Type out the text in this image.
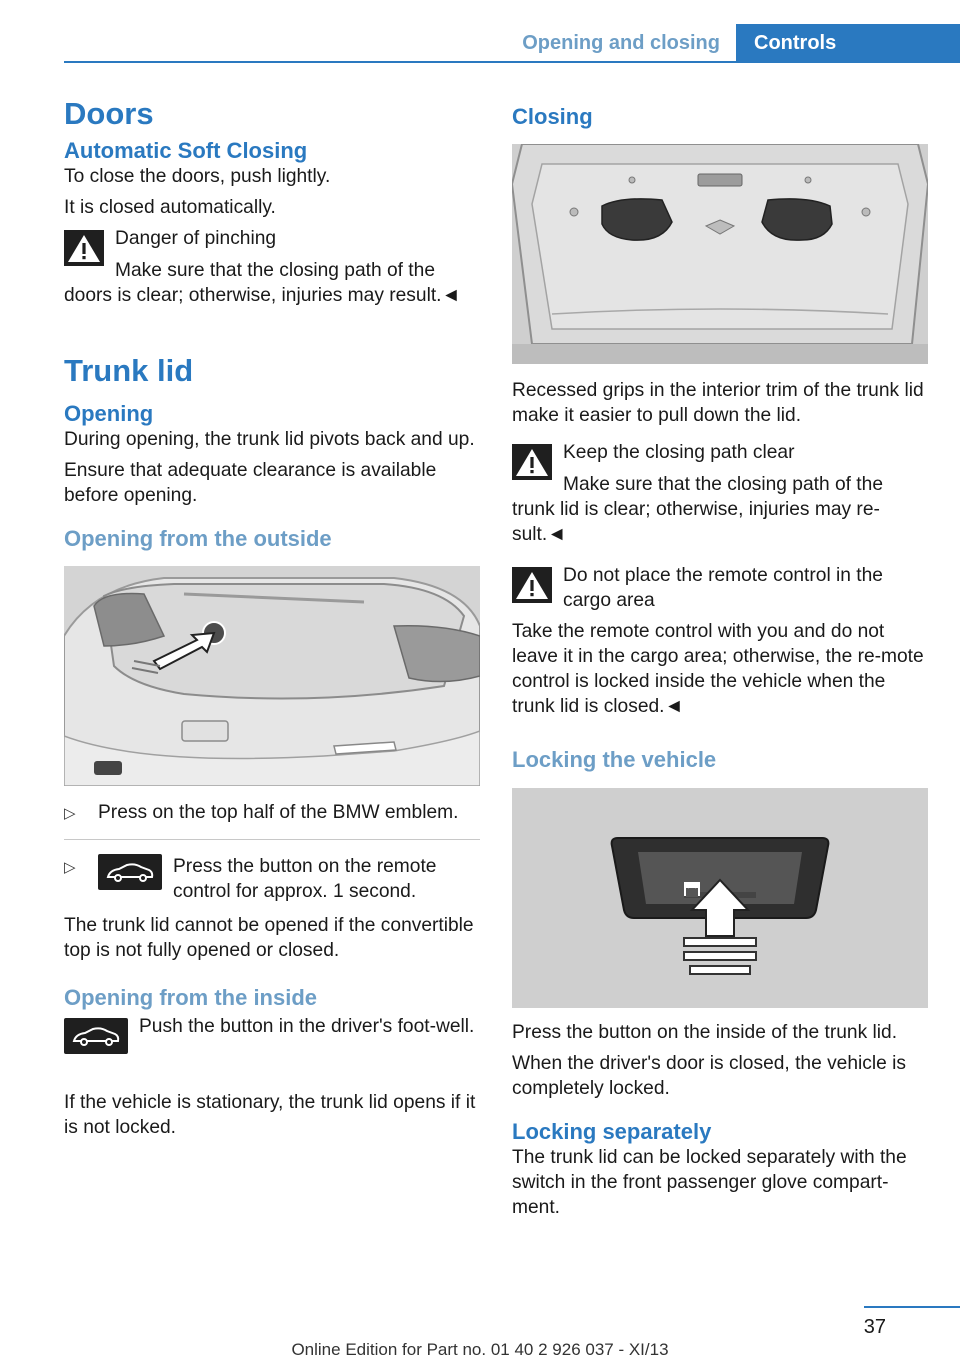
Opening and closing	Controls
Doors
Automatic Soft Closing

To close the doors, push lightly.

It is closed automatically.

Danger of pinching

Make sure that the closing path of the doors is clear; otherwise, injuries may result.◄

Trunk lid
Opening

During opening, the trunk lid pivots back and up.

Ensure that adequate clearance is available before opening.

Opening from the outside
▷ Press on the top half of the BMW emblem.

▷	Press the button on the remote control for approx. 1 second.

The trunk lid cannot be opened if the convertible top is not fully opened or closed.

Opening from the inside

Push the button in the driver's foot‐well.

If the vehicle is stationary, the trunk lid opens if it is not locked.

Closing

Recessed grips in the interior trim of the trunk lid make it easier to pull down the lid.

Keep the closing path clear

Make sure that the closing path of the trunk lid is clear; otherwise, injuries may re‐sult.◄

Do not place the remote control in the cargo area

Take the remote control with you and do not leave it in the cargo area; otherwise, the re‐mote control is locked inside the vehicle when the trunk lid is closed.◄

Locking the vehicle

Press the button on the inside of the trunk lid.

When the driver's door is closed, the vehicle is completely locked.

Locking separately

The trunk lid can be locked separately with the switch in the front passenger glove compart‐ment.

37
Online Edition for Part no. 01 40 2 926 037 - XI/13
